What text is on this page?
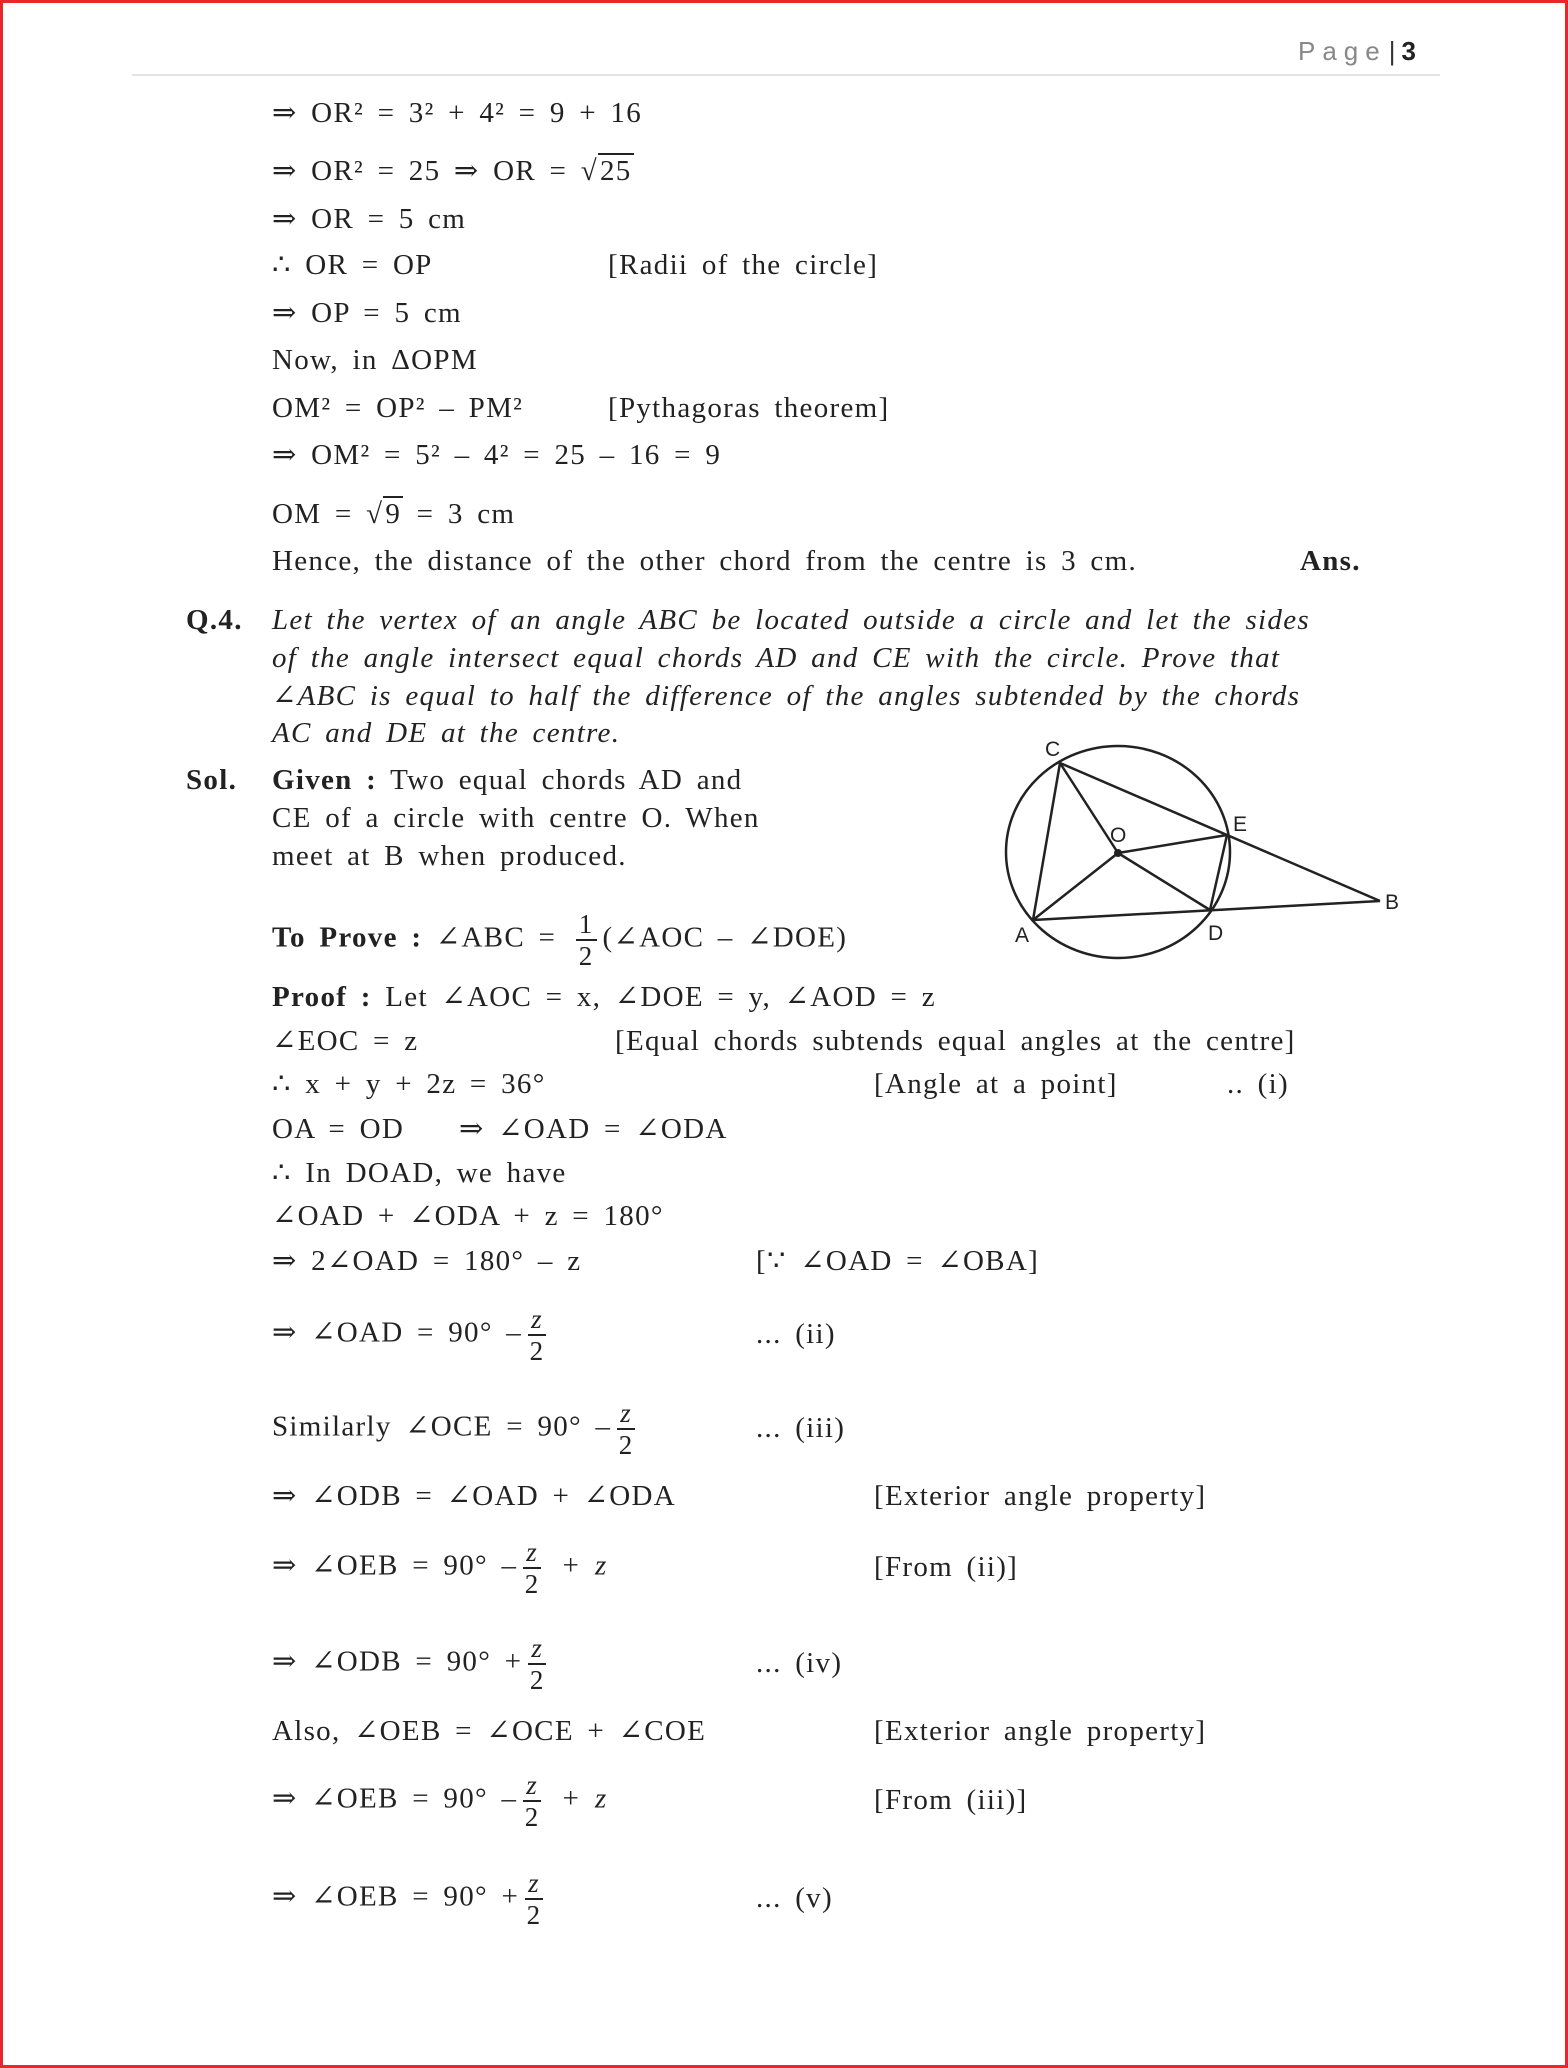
Page| 3
⇒ OR² = 3² + 4² = 9 + 16
⇒ OR² = 25 ⇒ OR = √25
⇒ OR = 5 cm
∴ OR = OP	[Radii of the circle]
⇒ OP = 5 cm
Now, in ΔOPM
OM² = OP² – PM²	[Pythagoras theorem]
⇒ OM² = 5² – 4² = 25 – 16 = 9
OM = √9 = 3 cm
Hence, the distance of the other chord from the centre is 3 cm.	Ans.
Q.4. Let the vertex of an angle ABC be located outside a circle and let the sides
of the angle intersect equal chords AD and CE with the circle. Prove that
∠ABC is equal to half the difference of the angles subtended by the chords
AC and DE at the centre.
Sol. Given : Two equal chords AD and
CE of a circle with centre O. When
meet at B when produced.
To Prove : ∠ABC = $\frac{1}{2}$ (∠AOC – ∠DOE)
C
E
O
A	D
B
Proof : Let ∠AOC = x, ∠DOE = y, ∠AOD = z
∠EOC = z	[Equal chords subtends equal angles at the centre]
∴ x + y + 2z = 36°	[Angle at a point]	.. (i)
OA = OD ⇒ ∠OAD = ∠ODA
∴ In DOAD, we have
∠OAD + ∠ODA + z = 180°
⇒ 2∠OAD = 180° – z	[∵ ∠OAD = ∠OBA]
⇒ ∠OAD = $90^\circ - \frac{z}{2}$	... (ii)
Similarly ∠OCE = $90^\circ - \frac{z}{2}$	... (iii)
⇒ ∠ODB = ∠OAD + ∠ODA	[Exterior angle property]
⇒ ∠OEB = $90^\circ - \frac{z}{2} + z$	[From (ii)]
⇒ ∠ODB = $90^\circ + \frac{z}{2}$	... (iv)
Also, ∠OEB = ∠OCE + ∠COE	[Exterior angle property]
⇒ ∠OEB = $90^\circ - \frac{z}{2} + z$	[From (iii)]
⇒ ∠OEB = $90^\circ + \frac{z}{2}$	... (v)
